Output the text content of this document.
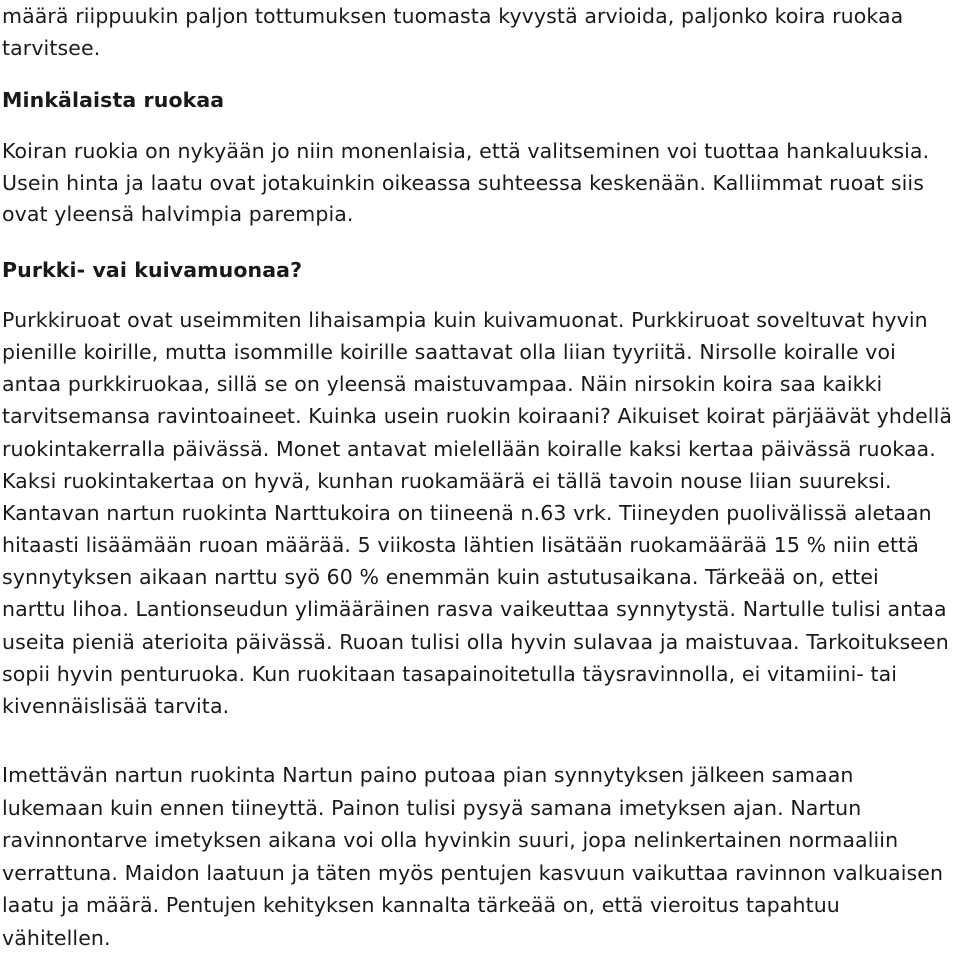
määrä riippuukin paljon tottumuksen tuomasta kyvystä arvioida, paljonko koira ruokaa
tarvitsee.

Minkälaista ruokaa

Koiran ruokia on nykyään jo niin monenlaisia, että valitseminen voi tuottaa hankaluuksia.
Usein hinta ja laatu ovat jotakuinkin oikeassa suhteessa keskenään. Kalliimmat ruoat siis
ovat yleensä halvimpia parempia.

Purkki- vai kuivamuonaa?

Purkkiruoat ovat useimmiten lihaisampia kuin kuivamuonat. Purkkiruoat soveltuvat hyvin
pienille koirille, mutta isommille koirille saattavat olla liian tyyriitä. Nirsolle koiralle voi
antaa purkkiruokaa, sillä se on yleensä maistuvampaa. Näin nirsokin koira saa kaikki
tarvitsemansa ravintoaineet. Kuinka usein ruokin koiraani? Aikuiset koirat pärjäävät yhdellä
ruokintakerralla päivässä. Monet antavat mielellään koiralle kaksi kertaa päivässä ruokaa.
Kaksi ruokintakertaa on hyvä, kunhan ruokamäärä ei tällä tavoin nouse liian suureksi.
Kantavan nartun ruokinta Narttukoira on tiineenä n.63 vrk. Tiineyden puolivälissä aletaan
hitaasti lisäämään ruoan määrää. 5 viikosta lähtien lisätään ruokamäärää 15 % niin että
synnytyksen aikaan narttu syö 60 % enemmän kuin astutusaikana. Tärkeää on, ettei
narttu lihoa. Lantionseudun ylimääräinen rasva vaikeuttaa synnytystä. Nartulle tulisi antaa
useita pieniä aterioita päivässä. Ruoan tulisi olla hyvin sulavaa ja maistuvaa. Tarkoitukseen
sopii hyvin penturuoka. Kun ruokitaan tasapainoitetulla täysravinnolla, ei vitamiini- tai
kivennäislisää tarvita.

Imettävän nartun ruokinta Nartun paino putoaa pian synnytyksen jälkeen samaan
lukemaan kuin ennen tiineyttä. Painon tulisi pysyä samana imetyksen ajan. Nartun
ravinnontarve imetyksen aikana voi olla hyvinkin suuri, jopa nelinkertainen normaaliin
verrattuna. Maidon laatuun ja täten myös pentujen kasvuun vaikuttaa ravinnon valkuaisen
laatu ja määrä. Pentujen kehityksen kannalta tärkeää on, että vieroitus tapahtuu
vähitellen.
